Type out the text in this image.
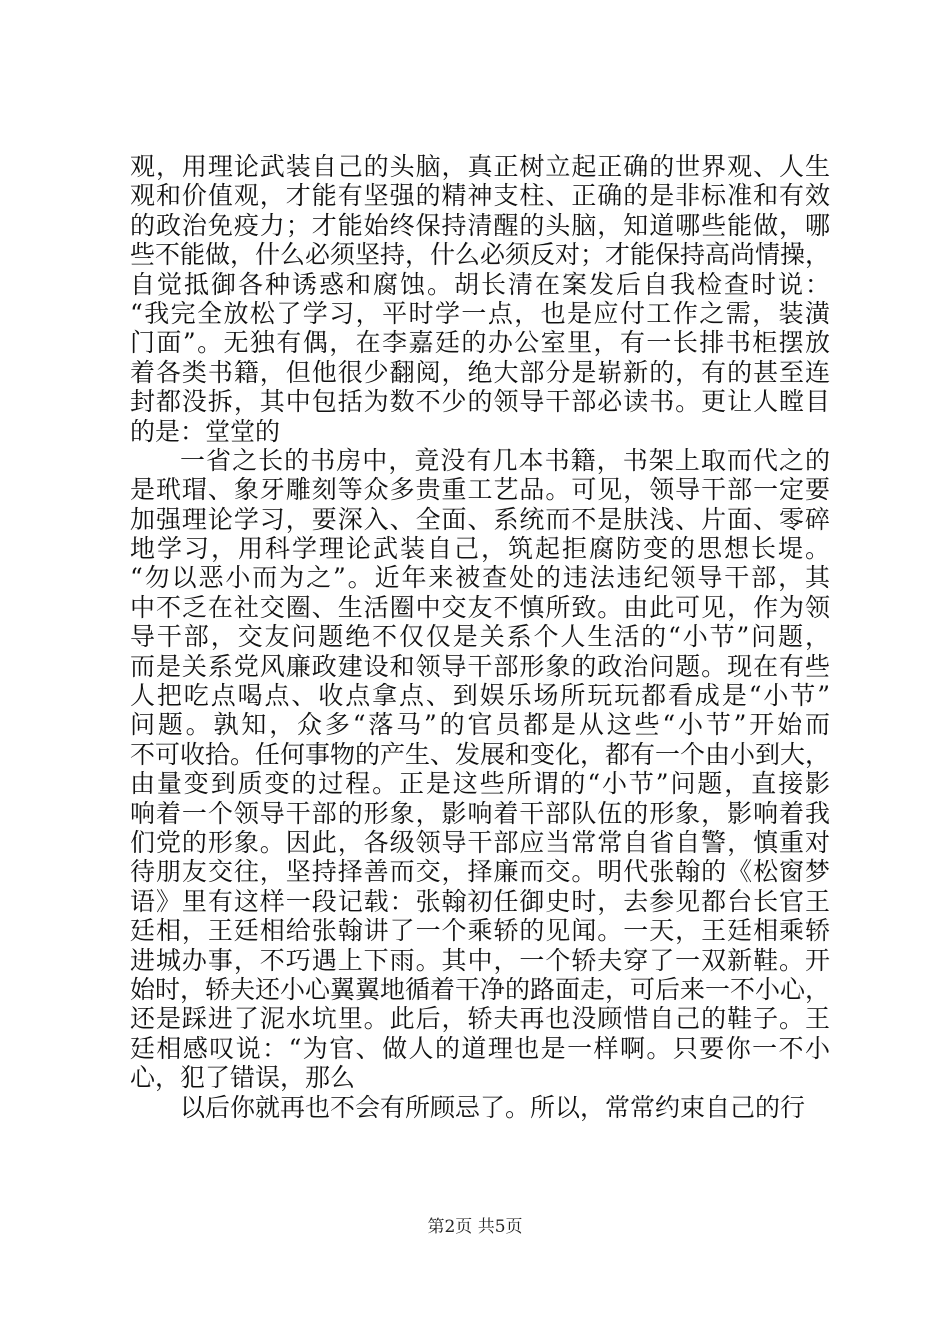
观，用理论武装自己的头脑，真正树立起正确的世界观、人生
观和价值观，才能有坚强的精神支柱、正确的是非标准和有效
的政治免疫力；才能始终保持清醒的头脑，知道哪些能做，哪
些不能做，什么必须坚持，什么必须反对；才能保持高尚情操，
自觉抵御各种诱惑和腐蚀。胡长清在案发后自我检查时说：
“我完全放松了学习，平时学一点，也是应付工作之需，装潢
门面”。无独有偶，在李嘉廷的办公室里，有一长排书柜摆放
着各类书籍，但他很少翻阅，绝大部分是崭新的，有的甚至连
封都没拆，其中包括为数不少的领导干部必读书。更让人瞠目
的是：堂堂的
一省之长的书房中，竟没有几本书籍，书架上取而代之的
是玳瑁、象牙雕刻等众多贵重工艺品。可见，领导干部一定要
加强理论学习，要深入、全面、系统而不是肤浅、片面、零碎
地学习，用科学理论武装自己，筑起拒腐防变的思想长堤。
“勿以恶小而为之”。近年来被查处的违法违纪领导干部，其
中不乏在社交圈、生活圈中交友不慎所致。由此可见，作为领
导干部，交友问题绝不仅仅是关系个人生活的“小节”问题，
而是关系党风廉政建设和领导干部形象的政治问题。现在有些
人把吃点喝点、收点拿点、到娱乐场所玩玩都看成是“小节”
问题。孰知，众多“落马”的官员都是从这些“小节”开始而
不可收拾。任何事物的产生、发展和变化，都有一个由小到大，
由量变到质变的过程。正是这些所谓的“小节”问题，直接影
响着一个领导干部的形象，影响着干部队伍的形象，影响着我
们党的形象。因此，各级领导干部应当常常自省自警，慎重对
待朋友交往，坚持择善而交，择廉而交。明代张翰的《松窗梦
语》里有这样一段记载：张翰初任御史时，去参见都台长官王
廷相，王廷相给张翰讲了一个乘轿的见闻。一天，王廷相乘轿
进城办事，不巧遇上下雨。其中，一个轿夫穿了一双新鞋。开
始时，轿夫还小心翼翼地循着干净的路面走，可后来一不小心，
还是踩进了泥水坑里。此后，轿夫再也没顾惜自己的鞋子。王
廷相感叹说：“为官、做人的道理也是一样啊。只要你一不小
心，犯了错误，那么
以后你就再也不会有所顾忌了。所以，常常约束自己的行
第2页 共5页
